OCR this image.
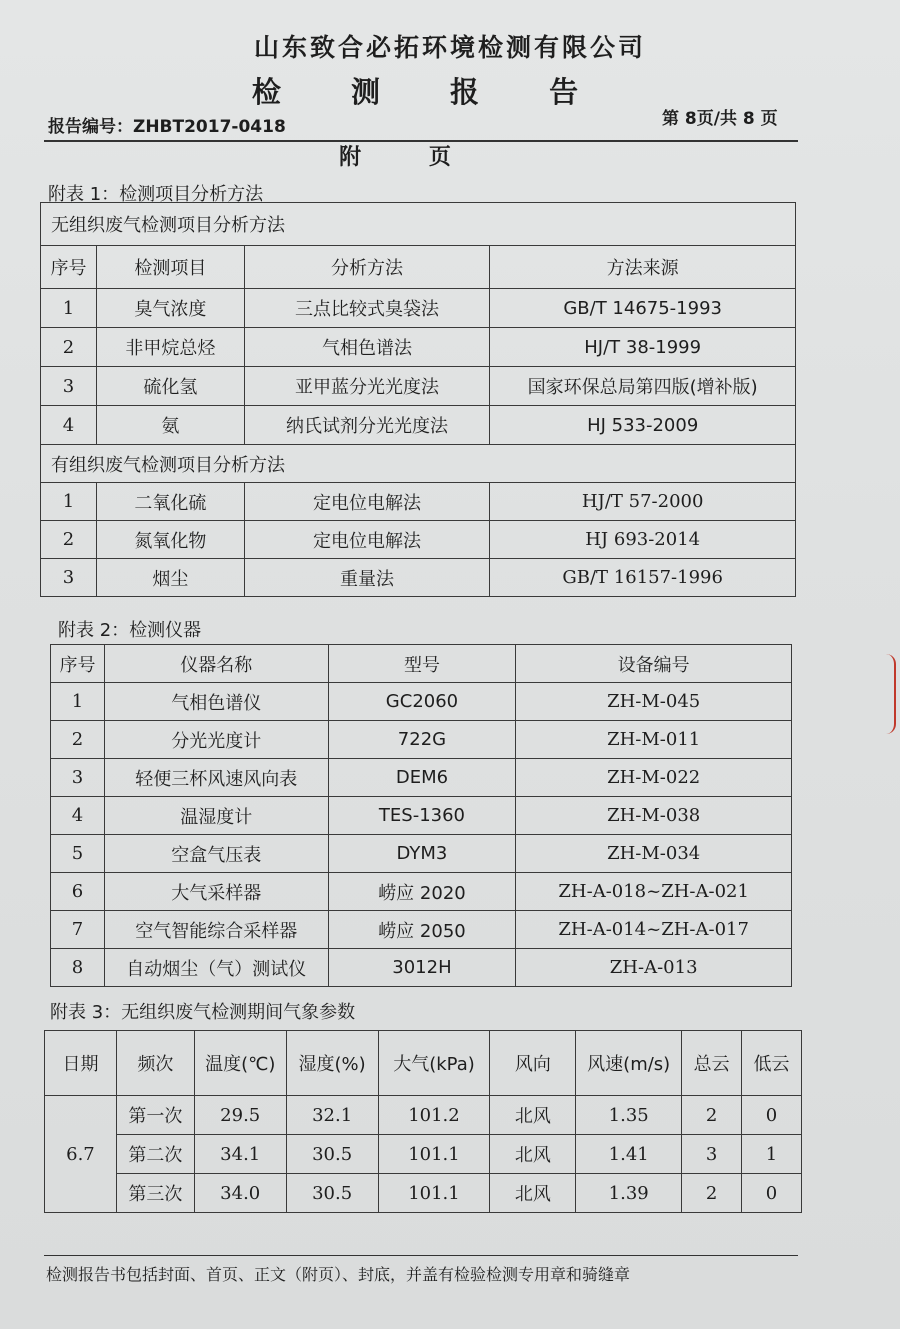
山东致合必拓环境检测有限公司
检 测 报 告
报告编号：ZHBT2017-0418	第 8页/共 8 页
附 页
附表 1：检测项目分析方法
无组织废气检测项目分析方法			
序号	检测项目	分析方法	方法来源
1	臭气浓度	三点比较式臭袋法	GB/T 14675-1993
2	非甲烷总烃	气相色谱法	HJ/T 38-1999
3	硫化氢	亚甲蓝分光光度法	国家环保总局第四版(增补版)
4	氨	纳氏试剂分光光度法	HJ 533-2009
有组织废气检测项目分析方法			
1	二氧化硫	定电位电解法	HJ/T 57-2000
2	氮氧化物	定电位电解法	HJ 693-2014
3	烟尘	重量法	GB/T 16157-1996
附表 2：检测仪器
序号	仪器名称	型号	设备编号
1	气相色谱仪	GC2060	ZH-M-045
2	分光光度计	722G	ZH-M-011
3	轻便三杯风速风向表	DEM6	ZH-M-022
4	温湿度计	TES-1360	ZH-M-038
5	空盒气压表	DYM3	ZH-M-034
6	大气采样器	崂应 2020	ZH-A-018~ZH-A-021
7	空气智能综合采样器	崂应 2050	ZH-A-014~ZH-A-017
8	自动烟尘（气）测试仪	3012H	ZH-A-013
附表 3：无组织废气检测期间气象参数
日期	频次	温度(℃)	湿度(%)	大气(kPa)	风向	风速(m/s)	总云	低云
6.7	第一次	29.5	32.1	101.2	北风	1.35	2	0
	第二次	34.1	30.5	101.1	北风	1.41	3	1
	第三次	34.0	30.5	101.1	北风	1.39	2	0
检测报告书包括封面、首页、正文（附页）、封底，并盖有检验检测专用章和骑缝章
